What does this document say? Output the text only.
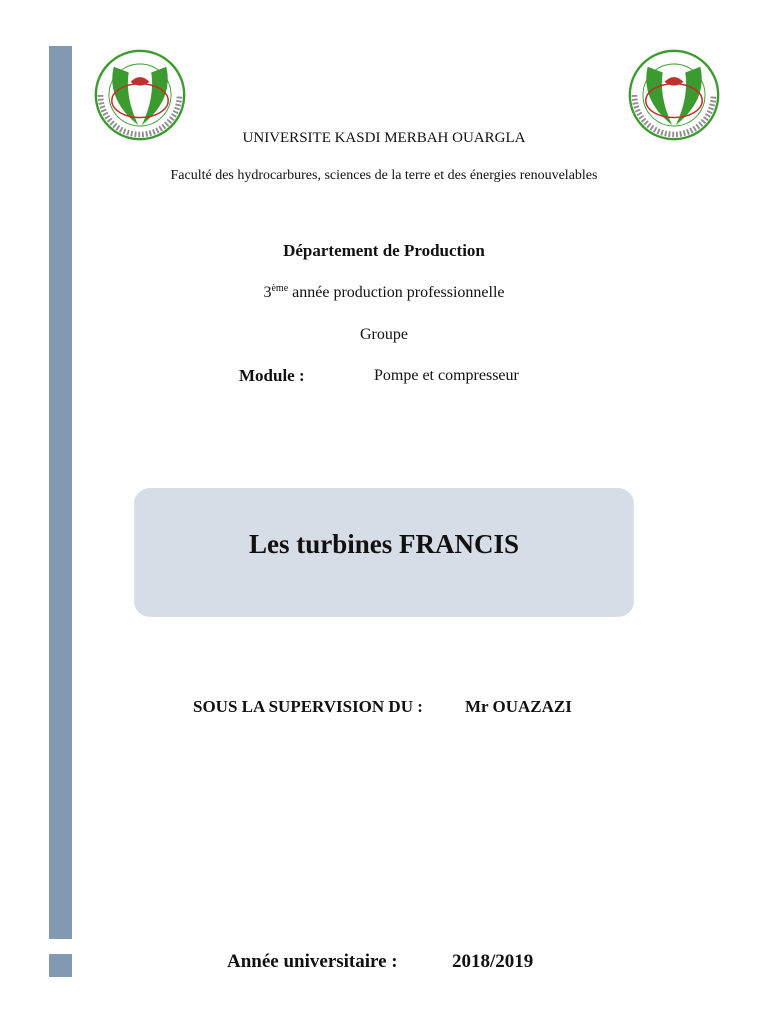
UNIVERSITE KASDI MERBAH OUARGLA
Faculté des hydrocarbures, sciences de la terre et des énergies renouvelables
Département de Production
3ème année production professionnelle
Groupe
Module :	Pompe et compresseur
Les turbines FRANCIS
SOUS LA SUPERVISION DU : Mr OUAZAZI
Année universitaire :	2018/2019
